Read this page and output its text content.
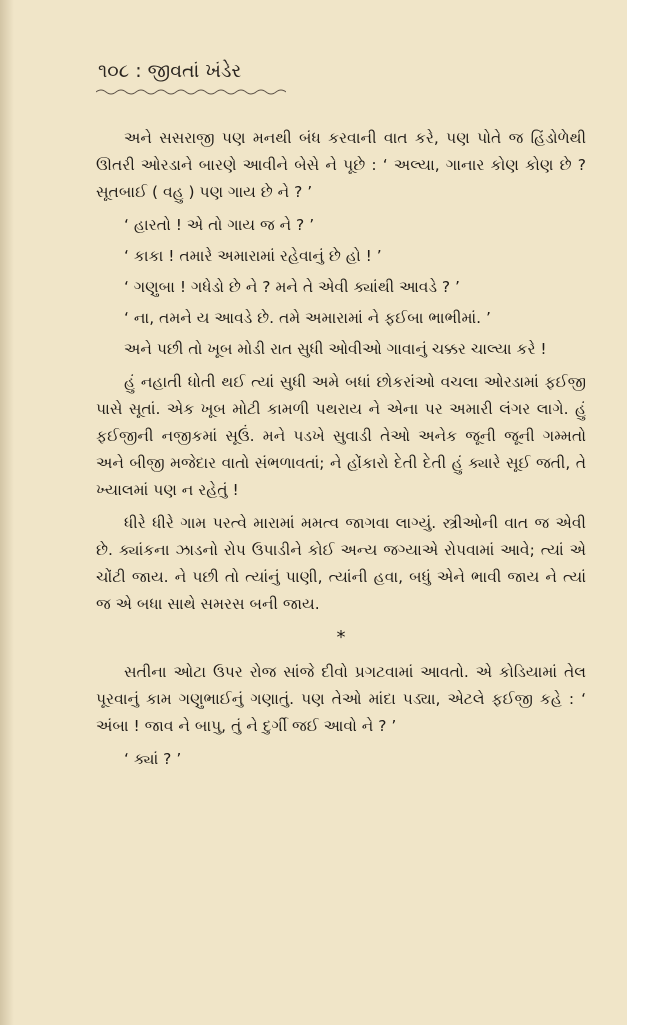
૧૦૮ : જીવતાં ખંડેર

અને સસરાજી પણ મનથી બંધ કરવાની વાત કરે, પણ પોતે જ હિંડોળેથી ઊતરી ઓરડાને બારણે આવીને બેસે ને પૂછે : ‘ અલ્યા, ગાનાર કોણ કોણ છે ? સૂતબાઈ ( વહુ ) પણ ગાય છે ને ? ’

‘ હારતો ! એ તો ગાય જ ને ? ’

‘ કાકા ! તમારે અમારામાં રહેવાનું છે હો ! ’

‘ ગણુબા ! ગધેડો છે ને ? મને તે એવી ક્યાંથી આવડે ? ’

‘ ના, તમને ય આવડે છે. તમે અમારામાં ને ફઈબા ભાભીમાં. ’

અને પછી તો ખૂબ મોડી રાત સુધી ઓવીઓ ગાવાનું ચક્કર ચાલ્યા કરે !

હું નહાતી ધોતી થઈ ત્યાં સુધી અમે બધાં છોકરાંઓ વચલા ઓરડામાં ફઈજી પાસે સૂતાં. એક ખૂબ મોટી કામળી પથરાય ને એના પર અમારી લંગર લાગે. હું ફઈજીની નજીકમાં સૂઉં. મને પડખે સુવાડી તેઓ અનેક જૂની જૂની ગમ્મતો અને બીજી મજેદાર વાતો સંભળાવતાં; ને હોંકારો દેતી દેતી હું ક્યારે સૂઈ જતી, તે ખ્યાલમાં પણ ન રહેતું !

ધીરે ધીરે ગામ પરત્વે મારામાં મમત્વ જાગવા લાગ્યું. સ્ત્રીઓની વાત જ એવી છે. ક્યાંકના ઝાડનો રોપ ઉપાડીને કોઈ અન્ય જગ્યાએ રોપવામાં આવે; ત્યાં એ ચોંટી જાય. ને પછી તો ત્યાંનું પાણી, ત્યાંની હવા, બધું એને ભાવી જાય ને ત્યાં જ એ બધા સાથે સમરસ બની જાય.

*

સતીના ઓટા ઉપર રોજ સાંજે દીવો પ્રગટવામાં આવતો. એ કોડિયામાં તેલ પૂરવાનું કામ ગણુભાઈનું ગણાતું. પણ તેઓ માંદા પડ્યા, એટલે ફઈજી કહે : ‘ અંબા ! જાવ ને બાપુ, તું ને દુર્ગી જઈ આવો ને ? ’

‘ ક્યાં ? ’
